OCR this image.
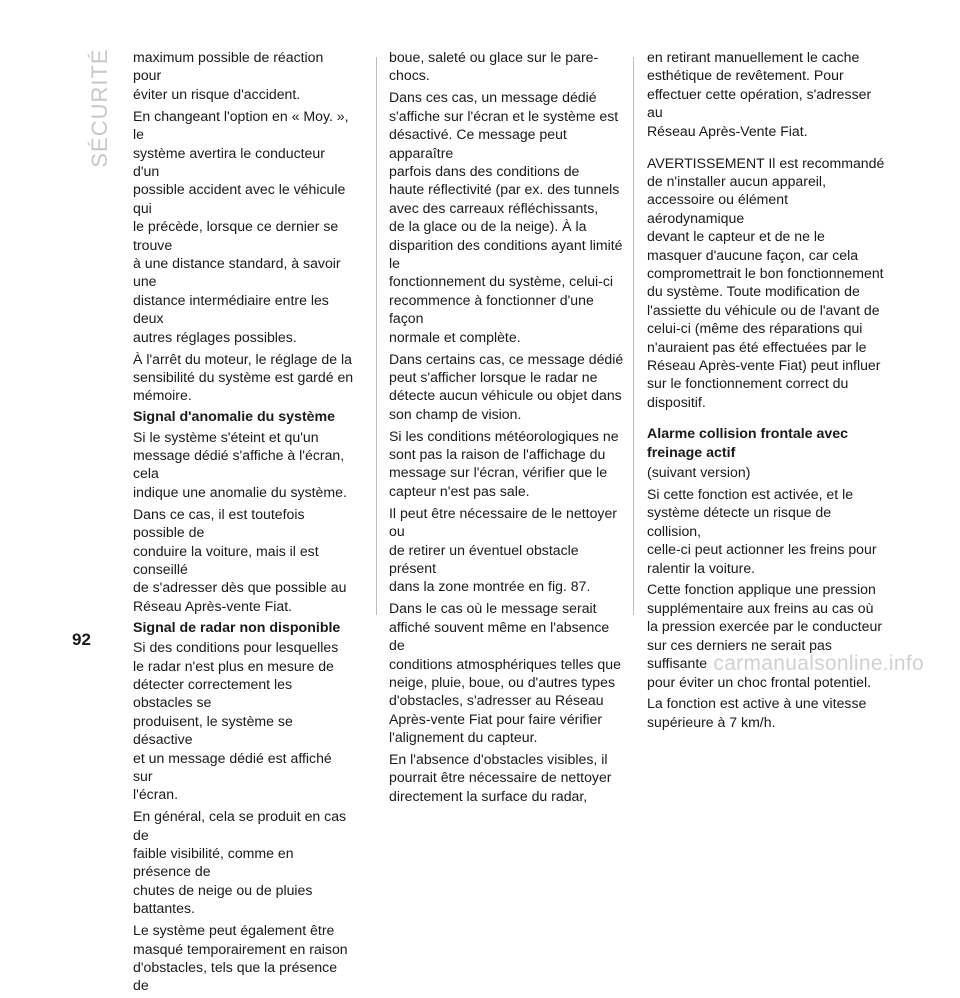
SÉCURITÉ maximum possible de réaction pour
éviter un risque d'accident.

En changeant l'option en « Moy. », le
système avertira le conducteur d'un
possible accident avec le véhicule qui
le précède, lorsque ce dernier se trouve
à une distance standard, à savoir une
distance intermédiaire entre les deux
autres réglages possibles.

À l'arrêt du moteur, le réglage de la
sensibilité du système est gardé en
mémoire.

Signal d'anomalie du système

Si le système s'éteint et qu'un
message dédié s'affiche à l'écran, cela
indique une anomalie du système.

Dans ce cas, il est toutefois possible de
conduire la voiture, mais il est conseillé
de s'adresser dès que possible au
Réseau Après-vente Fiat.

Signal de radar non disponible

Si des conditions pour lesquelles
le radar n'est plus en mesure de
détecter correctement les obstacles se
produisent, le système se désactive
et un message dédié est affiché sur
l'écran.

En général, cela se produit en cas de
faible visibilité, comme en présence de
chutes de neige ou de pluies battantes.

Le système peut également être
masqué temporairement en raison
d'obstacles, tels que la présence de

boue, saleté ou glace sur le pare-
chocs.

Dans ces cas, un message dédié
s'affiche sur l'écran et le système est
désactivé. Ce message peut apparaître
parfois dans des conditions de
haute réflectivité (par ex. des tunnels
avec des carreaux réfléchissants,
de la glace ou de la neige). À la
disparition des conditions ayant limité le
fonctionnement du système, celui-ci
recommence à fonctionner d'une façon
normale et complète.

Dans certains cas, ce message dédié
peut s'afficher lorsque le radar ne
détecte aucun véhicule ou objet dans
son champ de vision.

Si les conditions météorologiques ne
sont pas la raison de l'affichage du
message sur l'écran, vérifier que le
capteur n'est pas sale.

Il peut être nécessaire de le nettoyer ou
de retirer un éventuel obstacle présent
dans la zone montrée en fig. 87.

Dans le cas où le message serait
affiché souvent même en l'absence de
conditions atmosphériques telles que
neige, pluie, boue, ou d'autres types
d'obstacles, s'adresser au Réseau
Après-vente Fiat pour faire vérifier
l'alignement du capteur.

En l'absence d'obstacles visibles, il
pourrait être nécessaire de nettoyer
directement la surface du radar,

en retirant manuellement le cache
esthétique de revêtement. Pour
effectuer cette opération, s'adresser au
Réseau Après-Vente Fiat.

AVERTISSEMENT Il est recommandé
de n'installer aucun appareil,
accessoire ou élément aérodynamique
devant le capteur et de ne le
masquer d'aucune façon, car cela
compromettrait le bon fonctionnement
du système. Toute modification de
l'assiette du véhicule ou de l'avant de
celui-ci (même des réparations qui
n'auraient pas été effectuées par le
Réseau Après-vente Fiat) peut influer
sur le fonctionnement correct du
dispositif.

Alarme collision frontale avec
freinage actif

(suivant version)

Si cette fonction est activée, et le
système détecte un risque de collision,
celle-ci peut actionner les freins pour
ralentir la voiture.

Cette fonction applique une pression
supplémentaire aux freins au cas où
la pression exercée par le conducteur
sur ces derniers ne serait pas suffisante
pour éviter un choc frontal potentiel.

La fonction est active à une vitesse
supérieure à 7 km/h.

92
carmanualsonline.info
